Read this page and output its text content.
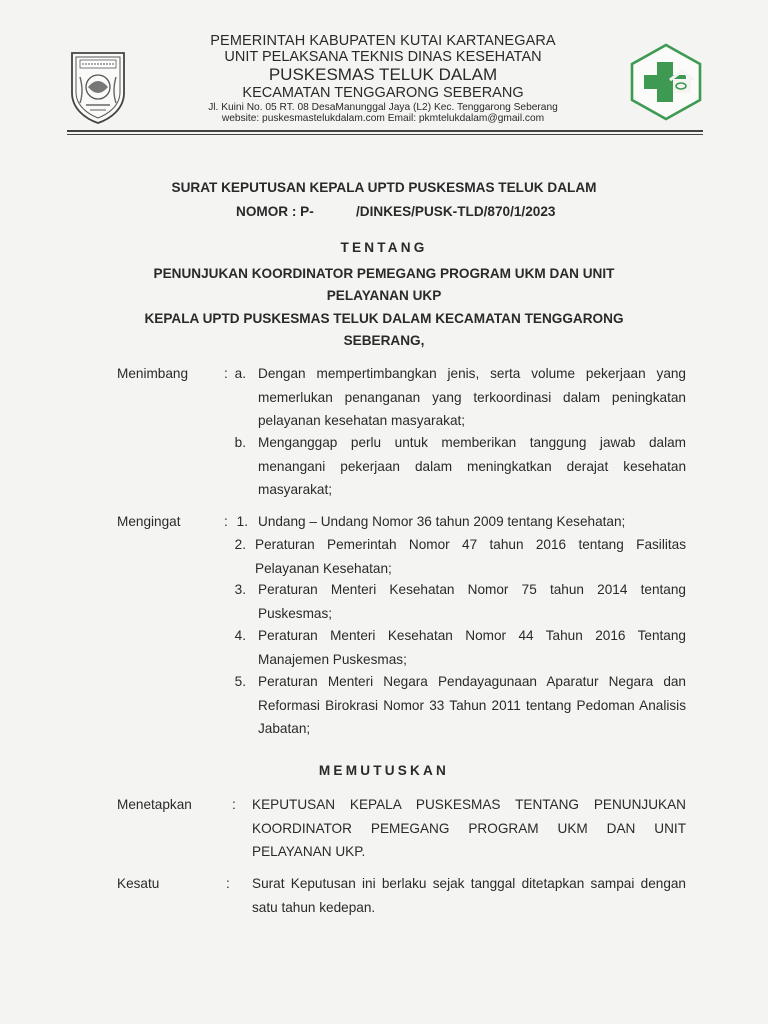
PEMERINTAH KABUPATEN KUTAI KARTANEGARA
UNIT PELAKSANA TEKNIS DINAS KESEHATAN
PUSKESMAS TELUK DALAM
KECAMATAN TENGGARONG SEBERANG
Jl. Kuini No. 05 RT. 08 DesaManunggal Jaya (L2) Kec. Tenggarong Seberang
website: puskesmastelukdalam.com Email: pkmtelukdalam@gmail.com
SURAT KEPUTUSAN KEPALA UPTD PUSKESMAS TELUK DALAM
NOMOR : P-	/DINKES/PUSK-TLD/870/1/2023
TENTANG
PENUNJUKAN KOORDINATOR PEMEGANG PROGRAM UKM DAN UNIT
PELAYANAN UKP
KEPALA UPTD PUSKESMAS TELUK DALAM KECAMATAN TENGGARONG
SEBERANG,
Menimbang	: a. Dengan mempertimbangkan jenis, serta volume pekerjaan yang memerlukan penanganan yang terkoordinasi dalam peningkatan pelayanan kesehatan masyarakat;
b. Menganggap perlu untuk memberikan tanggung jawab dalam menangani pekerjaan dalam meningkatkan derajat kesehatan masyarakat;
Mengingat	: 1. Undang – Undang Nomor 36 tahun 2009 tentang Kesehatan;
2. Peraturan Pemerintah Nomor 47 tahun 2016 tentang Fasilitas Pelayanan Kesehatan;
3. Peraturan Menteri Kesehatan Nomor 75 tahun 2014 tentang Puskesmas;
4. Peraturan Menteri Kesehatan Nomor 44 Tahun 2016 Tentang Manajemen Puskesmas;
5. Peraturan Menteri Negara Pendayagunaan Aparatur Negara dan Reformasi Birokrasi Nomor 33 Tahun 2011 tentang Pedoman Analisis Jabatan;
MEMUTUSKAN
Menetapkan	: KEPUTUSAN KEPALA PUSKESMAS TENTANG PENUNJUKAN KOORDINATOR PEMEGANG PROGRAM UKM DAN UNIT PELAYANAN UKP.
Kesatu	: Surat Keputusan ini berlaku sejak tanggal ditetapkan sampai dengan satu tahun kedepan.
